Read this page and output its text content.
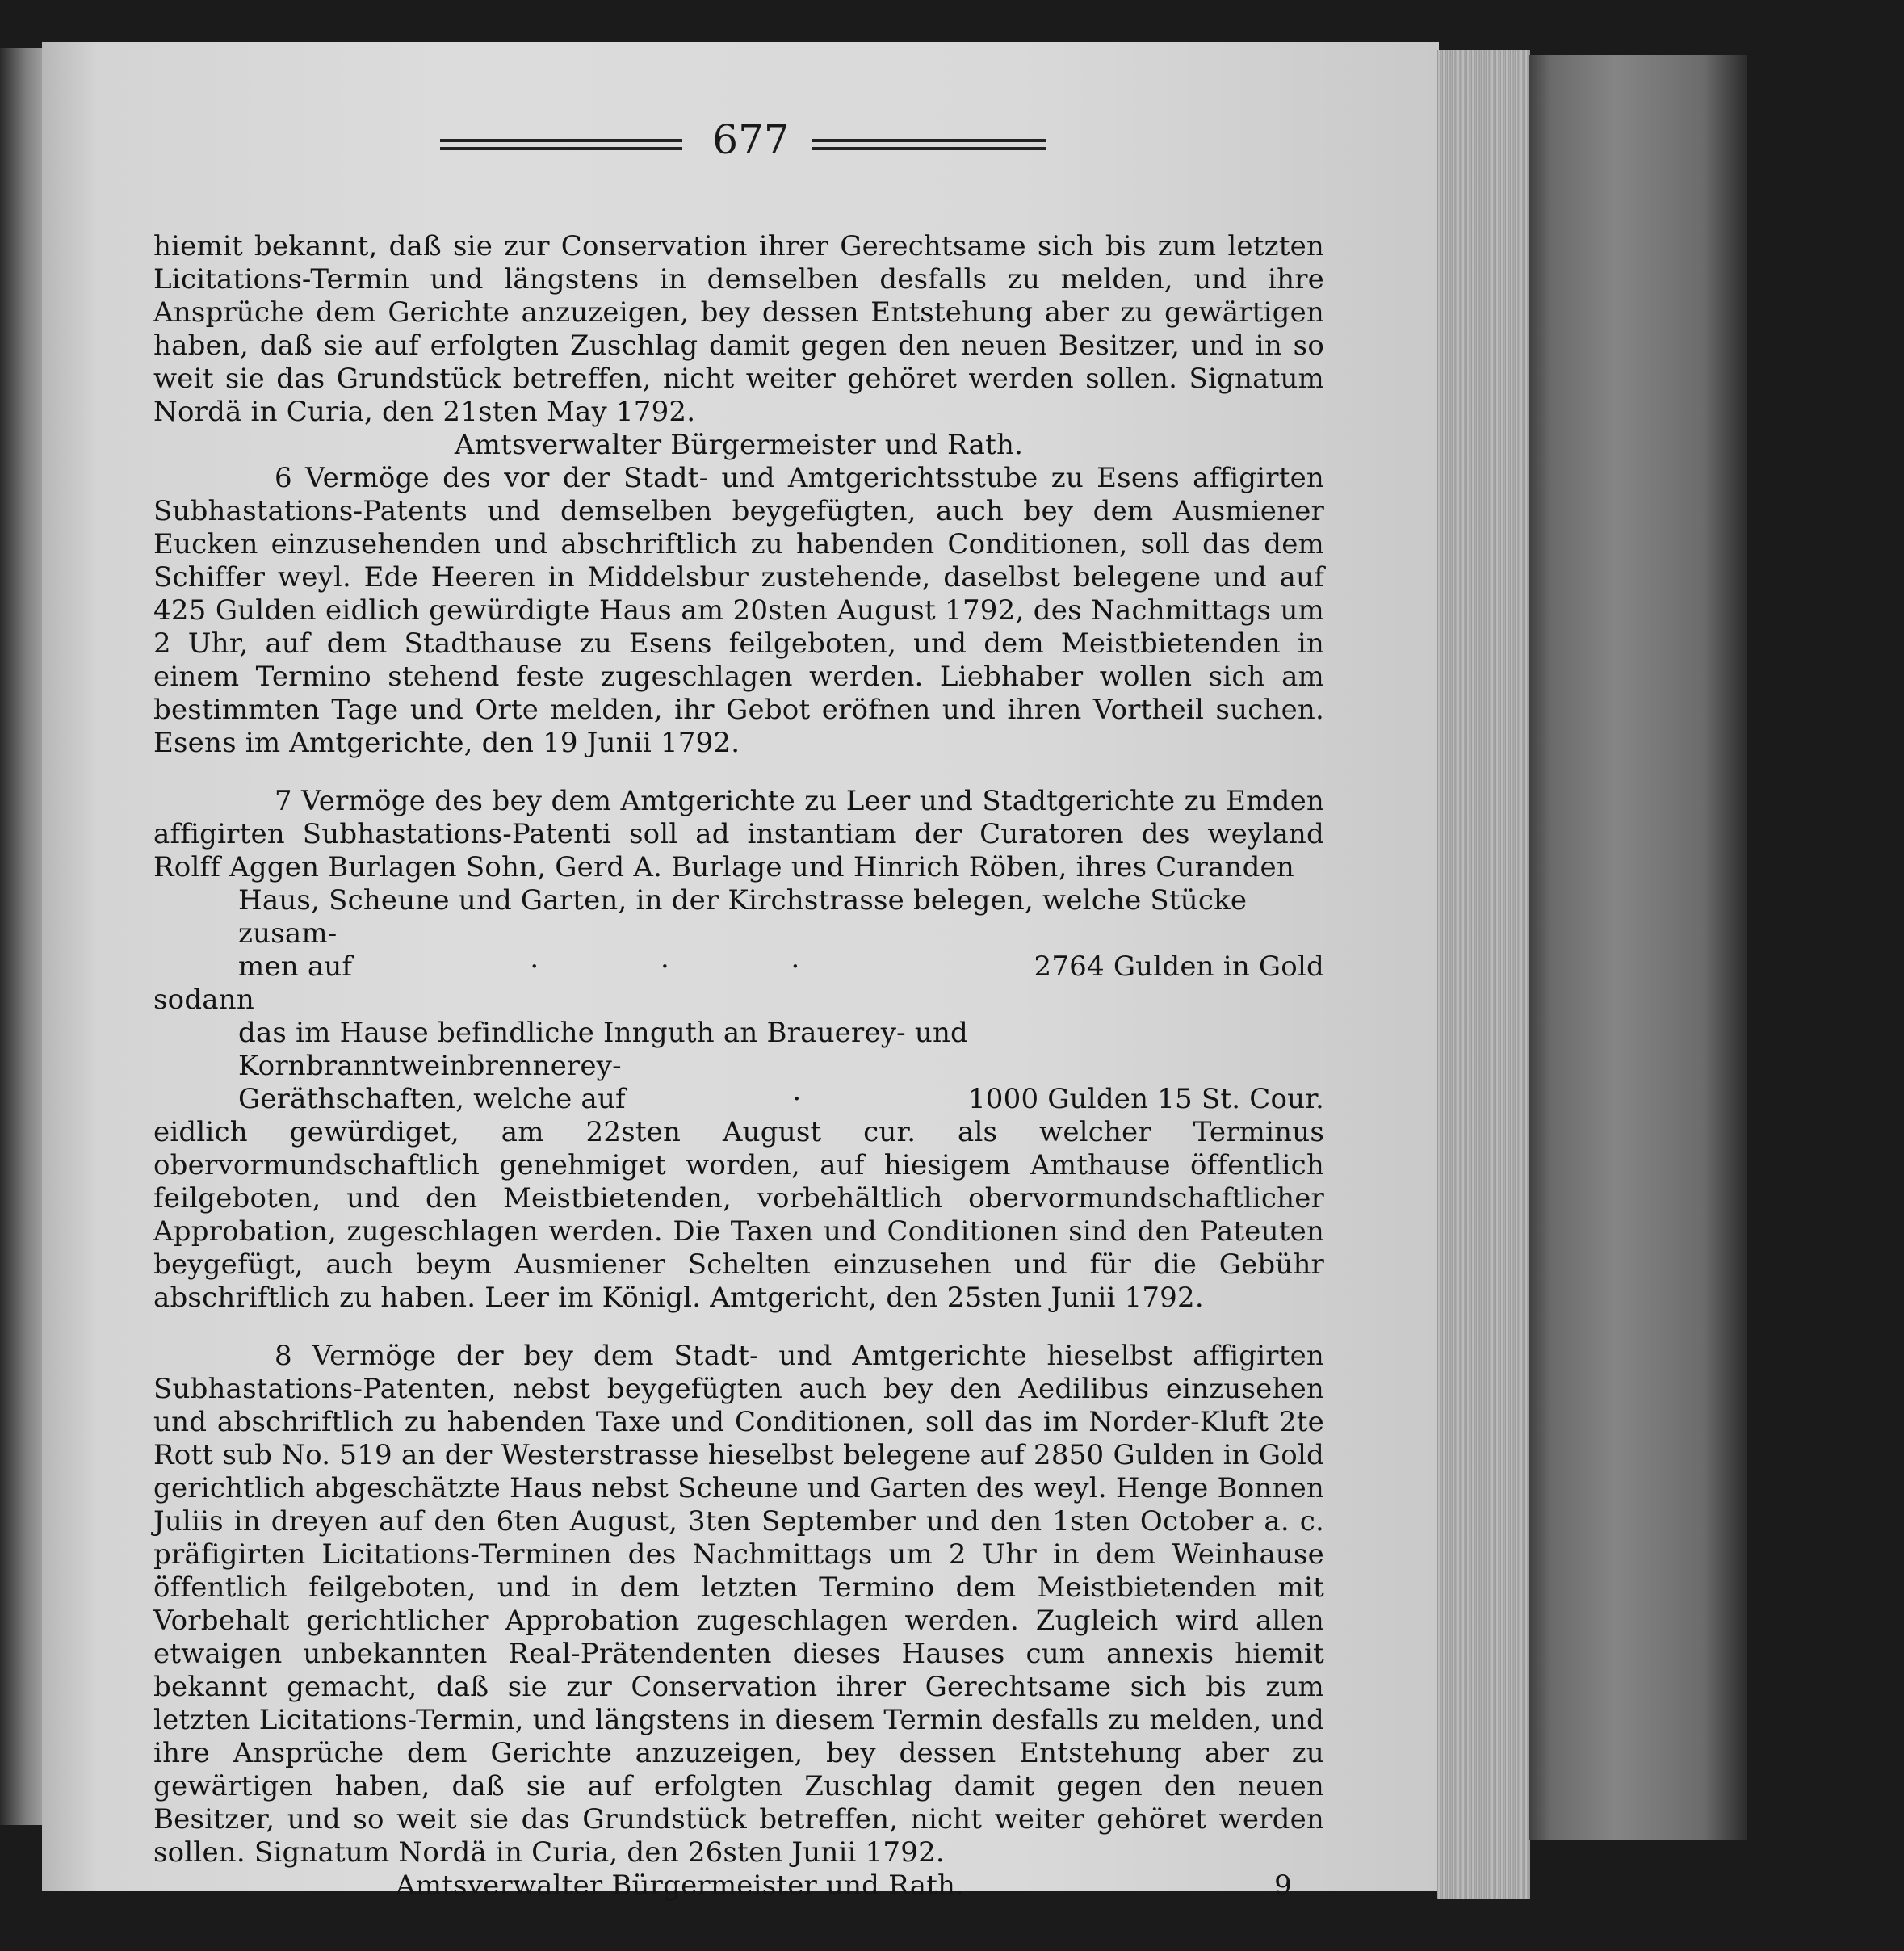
677

hiemit bekannt, daß sie zur Conservation ihrer Gerechtsame sich bis zum letzten Licitations-Termin und längstens in demselben desfalls zu melden, und ihre Ansprüche dem Gerichte anzuzeigen, bey dessen Entstehung aber zu gewärtigen haben, daß sie auf erfolgten Zuschlag damit gegen den neuen Besitzer, und in so weit sie das Grundstück betreffen, nicht weiter gehöret werden sollen. Signatum Nordä in Curia, den 21sten May 1792.

Amtsverwalter Bürgermeister und Rath.

6 Vermöge des vor der Stadt- und Amtgerichtsstube zu Esens affigirten Subhastations-Patents und demselben beygefügten, auch bey dem Ausmiener Eucken einzusehenden und abschriftlich zu habenden Conditionen, soll das dem Schiffer weyl. Ede Heeren in Middelsbur zustehende, daselbst belegene und auf 425 Gulden eidlich gewürdigte Haus am 20sten August 1792, des Nachmittags um 2 Uhr, auf dem Stadthause zu Esens feilgeboten, und dem Meistbietenden in einem Termino stehend feste zugeschlagen werden. Liebhaber wollen sich am bestimmten Tage und Orte melden, ihr Gebot eröfnen und ihren Vortheil suchen. Esens im Amtgerichte, den 19 Junii 1792.

7 Vermöge des bey dem Amtgerichte zu Leer und Stadtgerichte zu Emden affigirten Subhastations-Patenti soll ad instantiam der Curatoren des weyland Rolff Aggen Burlagen Sohn, Gerd A. Burlage und Hinrich Röben, ihres Curanden

Haus, Scheune und Garten, in der Kirchstrasse belegen, welche Stücke zusam-

men auf	· · ·	2764 Gulden in Gold

sodann

das im Hause befindliche Innguth an Brauerey- und Kornbranntweinbrennerey-

Geräthschaften, welche auf	·	1000 Gulden 15 St. Cour.

eidlich gewürdiget, am 22sten August cur. als welcher Terminus obervormundschaftlich genehmiget worden, auf hiesigem Amthause öffentlich feilgeboten, und den Meistbietenden, vorbehältlich obervormundschaftlicher Approbation, zugeschlagen werden. Die Taxen und Conditionen sind den Pateuten beygefügt, auch beym Ausmiener Schelten einzusehen und für die Gebühr abschriftlich zu haben. Leer im Königl. Amtgericht, den 25sten Junii 1792.

8 Vermöge der bey dem Stadt- und Amtgerichte hieselbst affigirten Subhastations-Patenten, nebst beygefügten auch bey den Aedilibus einzusehen und abschriftlich zu habenden Taxe und Conditionen, soll das im Norder-Kluft 2te Rott sub No. 519 an der Westerstrasse hieselbst belegene auf 2850 Gulden in Gold gerichtlich abgeschätzte Haus nebst Scheune und Garten des weyl. Henge Bonnen Juliis in dreyen auf den 6ten August, 3ten September und den 1sten October a. c. präfigirten Licitations-Terminen des Nachmittags um 2 Uhr in dem Weinhause öffentlich feilgeboten, und in dem letzten Termino dem Meistbietenden mit Vorbehalt gerichtlicher Approbation zugeschlagen werden. Zugleich wird allen etwaigen unbekannten Real-Prätendenten dieses Hauses cum annexis hiemit bekannt gemacht, daß sie zur Conservation ihrer Gerechtsame sich bis zum letzten Licitations-Termin, und längstens in diesem Termin desfalls zu melden, und ihre Ansprüche dem Gerichte anzuzeigen, bey dessen Entstehung aber zu gewärtigen haben, daß sie auf erfolgten Zuschlag damit gegen den neuen Besitzer, und so weit sie das Grundstück betreffen, nicht weiter gehöret werden sollen. Signatum Nordä in Curia, den 26sten Junii 1792.

Amtsverwalter Bürgermeister und Rath.	9
